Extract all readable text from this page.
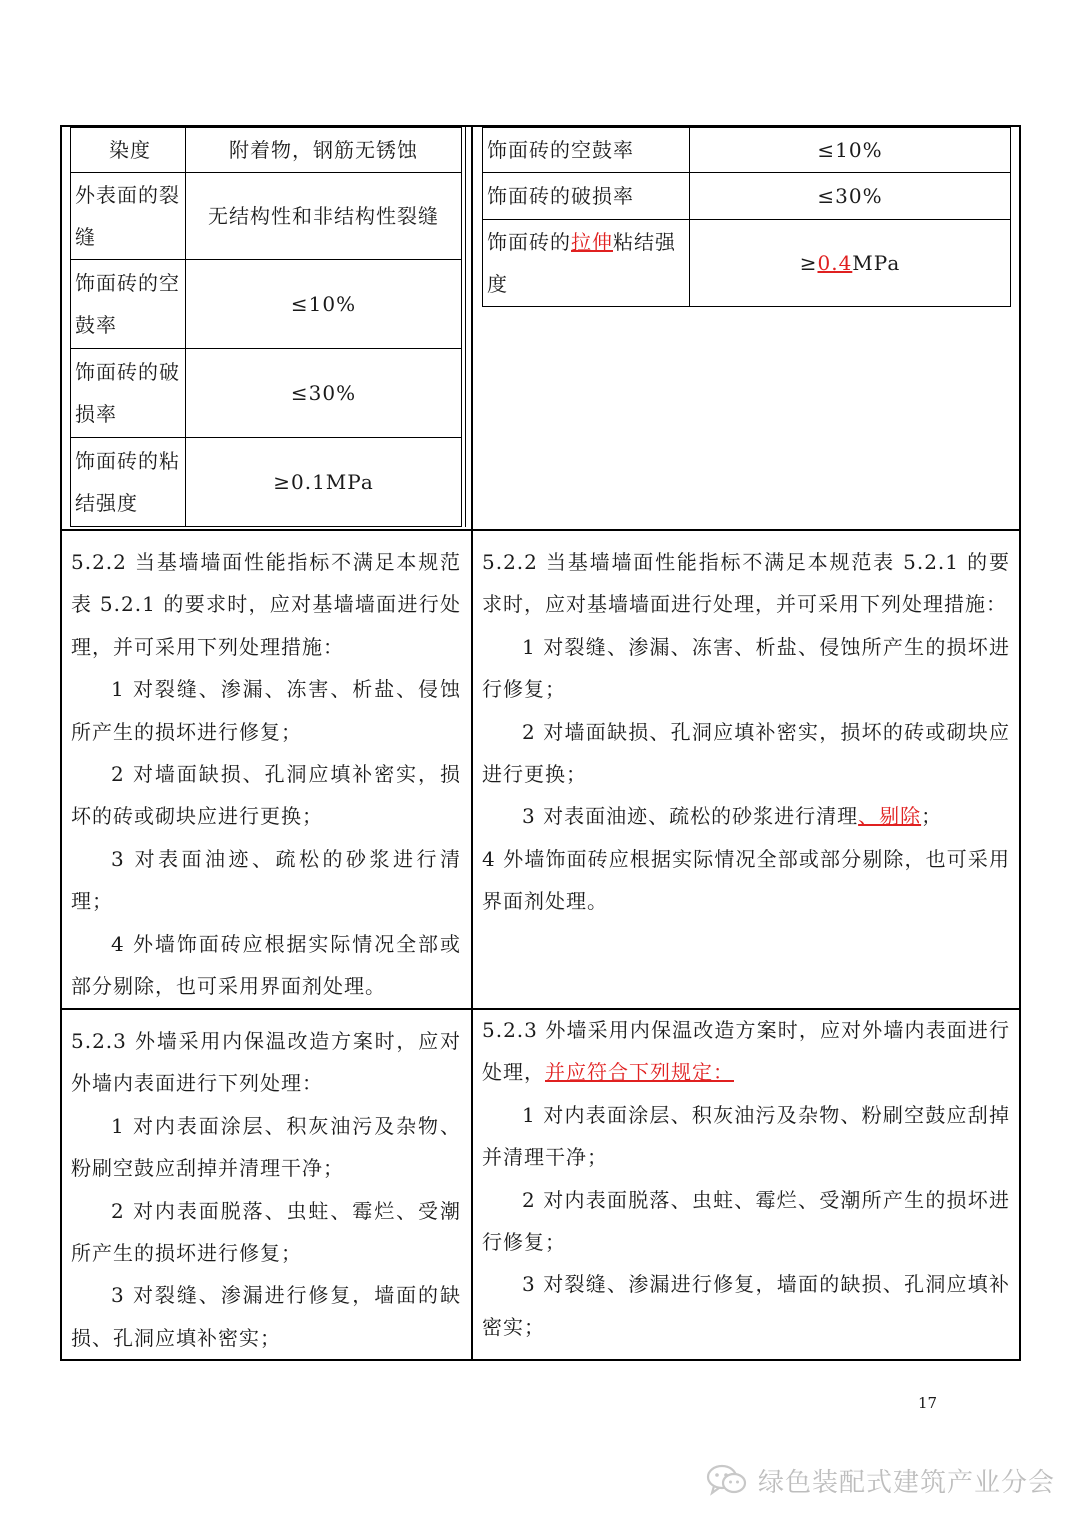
染度	附着物，钢筋无锈蚀
外表面的裂缝	无结构性和非结构性裂缝
饰面砖的空鼓率	≤10%
饰面砖的破损率	≤30%
饰面砖的粘结强度	≥0.1MPa
饰面砖的空鼓率	≤10%
饰面砖的破损率	≤30%
饰面砖的拉伸粘结强度	≥0.4MPa

5.2.2 当基墙墙面性能指标不满足本规范表 5.2.1 的要求时，应对基墙墙面进行处理，并可采用下列处理措施：

1 对裂缝、渗漏、冻害、析盐、侵蚀所产生的损坏进行修复；

2 对墙面缺损、孔洞应填补密实，损坏的砖或砌块应进行更换；

3 对表面油迹、疏松的砂浆进行清理；

4 外墙饰面砖应根据实际情况全部或部分剔除，也可采用界面剂处理。

5.2.2 当基墙墙面性能指标不满足本规范表 5.2.1 的要求时，应对基墙墙面进行处理，并可采用下列处理措施：

1 对裂缝、渗漏、冻害、析盐、侵蚀所产生的损坏进行修复；

2 对墙面缺损、孔洞应填补密实，损坏的砖或砌块应进行更换；

3 对表面油迹、疏松的砂浆进行清理、剔除；

4 外墙饰面砖应根据实际情况全部或部分剔除，也可采用界面剂处理。

5.2.3 外墙采用内保温改造方案时，应对外墙内表面进行下列处理：

1 对内表面涂层、积灰油污及杂物、粉刷空鼓应刮掉并清理干净；

2 对内表面脱落、虫蛀、霉烂、受潮所产生的损坏进行修复；

3 对裂缝、渗漏进行修复，墙面的缺损、孔洞应填补密实；

5.2.3 外墙采用内保温改造方案时，应对外墙内表面进行处理，并应符合下列规定：

1 对内表面涂层、积灰油污及杂物、粉刷空鼓应刮掉并清理干净；

2 对内表面脱落、虫蛀、霉烂、受潮所产生的损坏进行修复；

3 对裂缝、渗漏进行修复，墙面的缺损、孔洞应填补密实；

17
绿色装配式建筑产业分会
